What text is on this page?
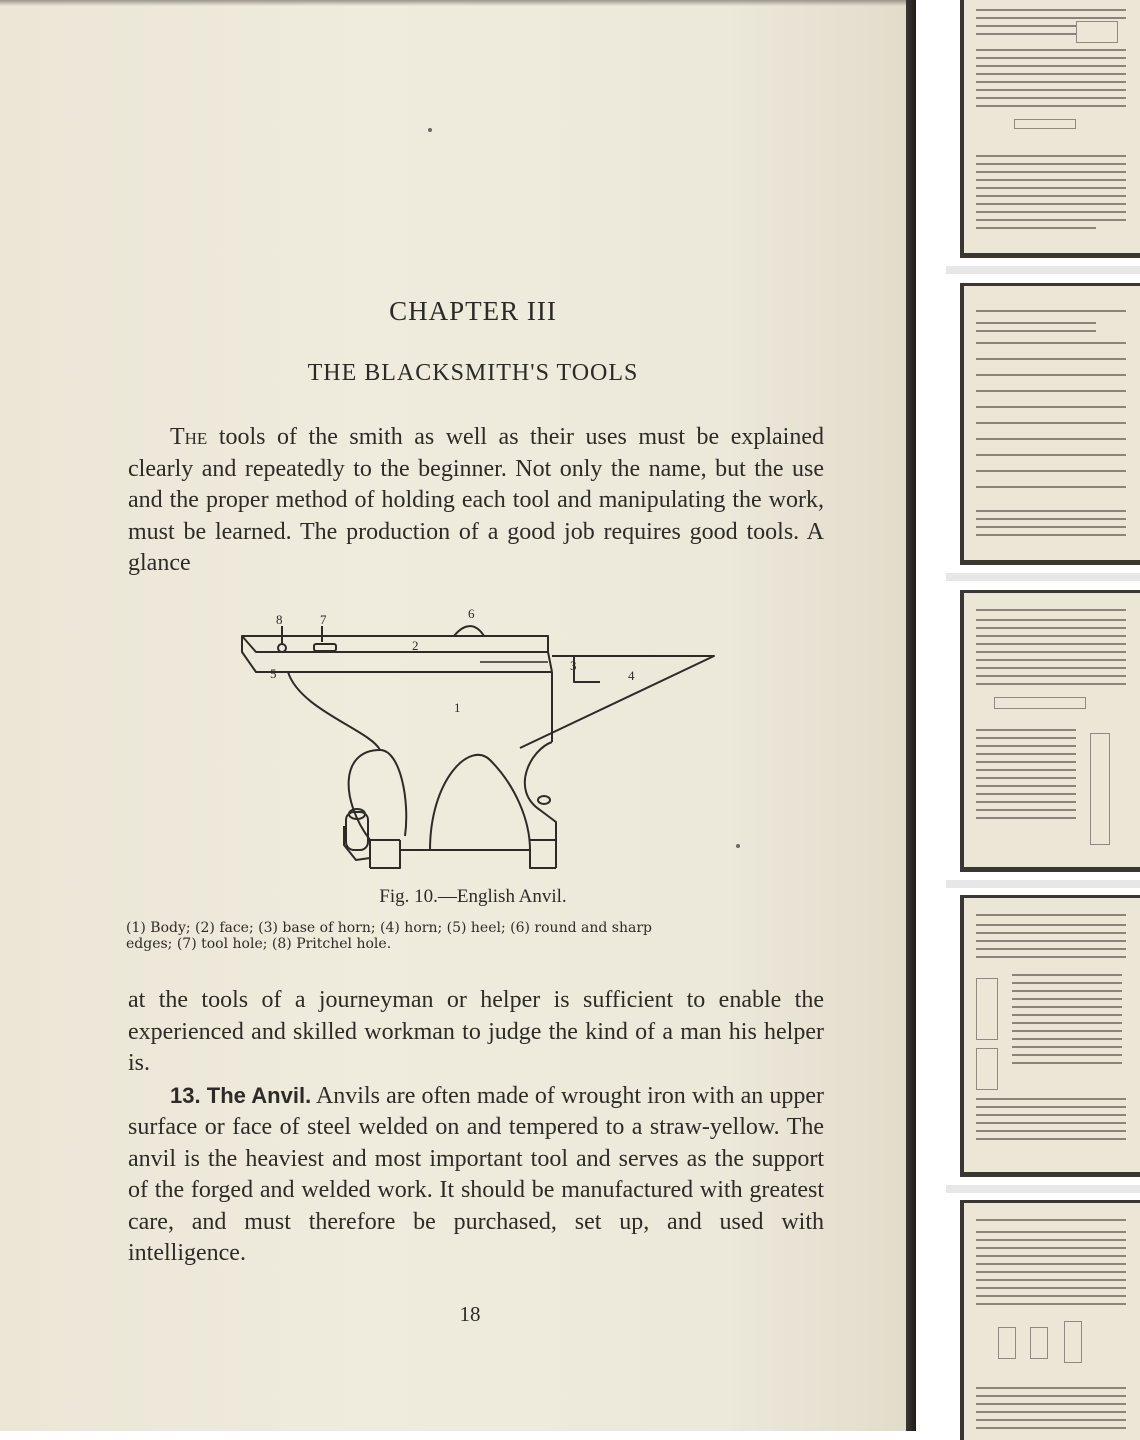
CHAPTER III
THE BLACKSMITH'S TOOLS

The tools of the smith as well as their uses must be explained clearly and repeatedly to the beginner. Not only the name, but the use and the proper method of holding each tool and manipulating the work, must be learned. The production of a good job requires good tools. A glance

8	7	6
2
3
4
5
1
Fig. 10.—English Anvil.
(1) Body; (2) face; (3) base of horn; (4) horn; (5) heel; (6) round and sharp
edges; (7) tool hole; (8) Pritchel hole.

at the tools of a journeyman or helper is sufficient to enable the experienced and skilled workman to judge the kind of a man his helper is.

13. The Anvil. Anvils are often made of wrought iron with an upper surface or face of steel welded on and tempered to a straw-yellow. The anvil is the heaviest and most important tool and serves as the support of the forged and welded work. It should be manufactured with greatest care, and must therefore be purchased, set up, and used with intelligence.

18
